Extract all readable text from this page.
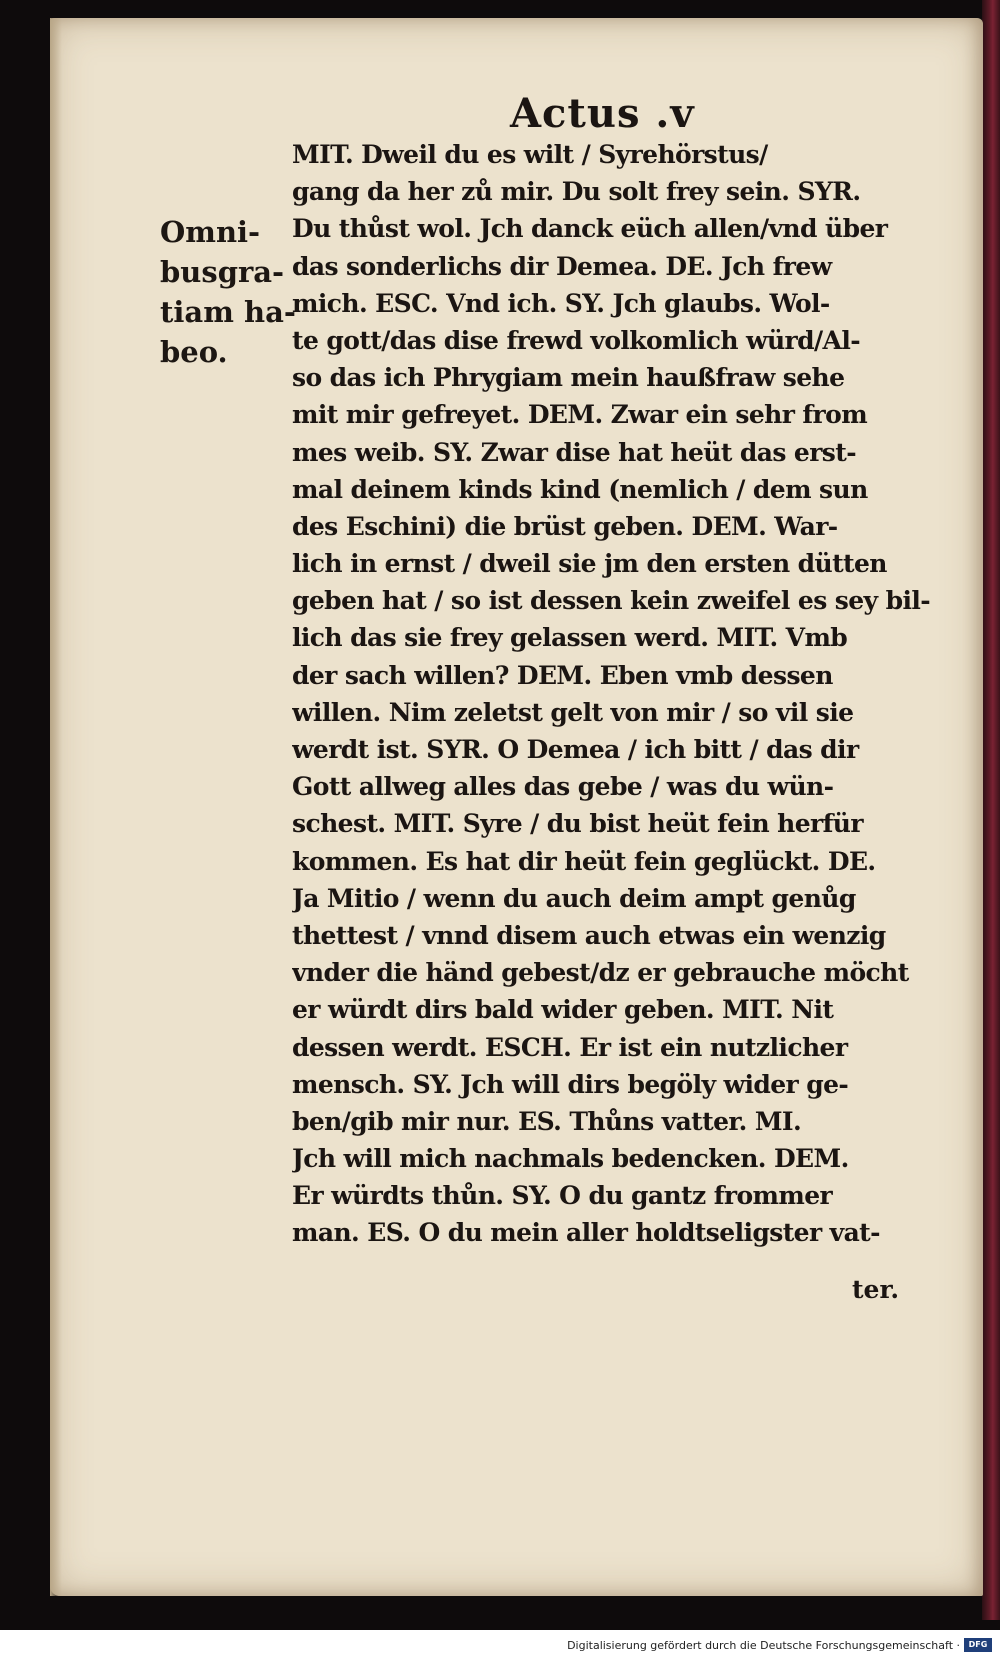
Actus .v
Omni-
busgra-
tiam ha-
beo.
MIT. Dweil du es wilt / Syrehörstus/
gang da her zů mir. Du solt frey sein. SYR.
Du thůst wol. Jch danck eüch allen/vnd über
das sonderlichs dir Demea. DE. Jch frew
mich. ESC. Vnd ich. SY. Jch glaubs. Wol-
te gott/das dise frewd volkomlich würd/Al-
so das ich Phrygiam mein haußfraw sehe
mit mir gefreyet. DEM. Zwar ein sehr from
mes weib. SY. Zwar dise hat heüt das erst-
mal deinem kinds kind (nemlich / dem sun
des Eschini) die brüst geben. DEM. War-
lich in ernst / dweil sie jm den ersten dütten
geben hat / so ist dessen kein zweifel es sey bil-
lich das sie frey gelassen werd. MIT. Vmb
der sach willen? DEM. Eben vmb dessen
willen. Nim zeletst gelt von mir / so vil sie
werdt ist. SYR. O Demea / ich bitt / das dir
Gott allweg alles das gebe / was du wün-
schest. MIT. Syre / du bist heüt fein herfür
kommen. Es hat dir heüt fein geglückt. DE.
Ja Mitio / wenn du auch deim ampt genůg
thettest / vnnd disem auch etwas ein wenzig
vnder die händ gebest/dz er gebrauche möcht
er würdt dirs bald wider geben. MIT. Nit
dessen werdt. ESCH. Er ist ein nutzlicher
mensch. SY. Jch will dirs begöly wider ge-
ben/gib mir nur. ES. Thůns vatter. MI.
Jch will mich nachmals bedencken. DEM.
Er würdts thůn. SY. O du gantz frommer
man. ES. O du mein aller holdtseligster vat-
ter.
Digitalisierung gefördert durch die Deutsche Forschungsgemeinschaft ·	DFG
